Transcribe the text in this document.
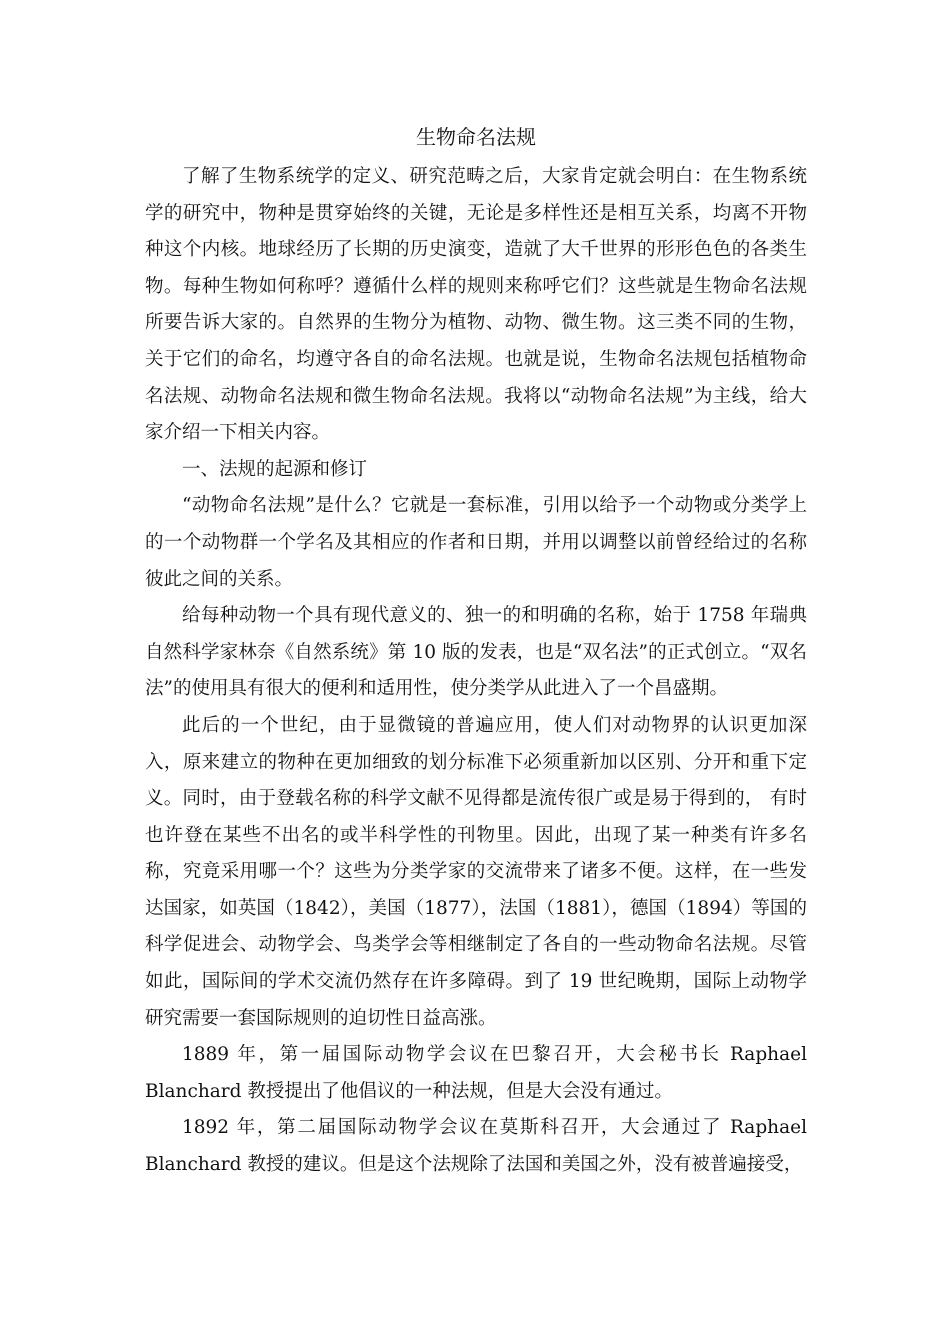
生物命名法规

了解了生物系统学的定义、研究范畴之后，大家肯定就会明白：在生物系统学的研究中，物种是贯穿始终的关键，无论是多样性还是相互关系，均离不开物种这个内核。地球经历了长期的历史演变，造就了大千世界的形形色色的各类生物。每种生物如何称呼？遵循什么样的规则来称呼它们？这些就是生物命名法规所要告诉大家的。自然界的生物分为植物、动物、微生物。这三类不同的生物，关于它们的命名，均遵守各自的命名法规。也就是说，生物命名法规包括植物命名法规、动物命名法规和微生物命名法规。我将以“动物命名法规”为主线，给大家介绍一下相关内容。

一、法规的起源和修订

“动物命名法规”是什么？它就是一套标准，引用以给予一个动物或分类学上的一个动物群一个学名及其相应的作者和日期，并用以调整以前曾经给过的名称彼此之间的关系。

给每种动物一个具有现代意义的、独一的和明确的名称，始于 1758 年瑞典自然科学家林奈《自然系统》第 10 版的发表，也是“双名法”的正式创立。“双名法”的使用具有很大的便利和适用性，使分类学从此进入了一个昌盛期。

此后的一个世纪，由于显微镜的普遍应用，使人们对动物界的认识更加深入，原来建立的物种在更加细致的划分标准下必须重新加以区别、分开和重下定义。同时，由于登载名称的科学文献不见得都是流传很广或是易于得到的， 有时也许登在某些不出名的或半科学性的刊物里。因此，出现了某一种类有许多名称，究竟采用哪一个？这些为分类学家的交流带来了诸多不便。这样，在一些发达国家，如英国（1842），美国（1877），法国（1881），德国（1894）等国的科学促进会、动物学会、鸟类学会等相继制定了各自的一些动物命名法规。尽管如此，国际间的学术交流仍然存在许多障碍。到了 19 世纪晚期，国际上动物学研究需要一套国际规则的迫切性日益高涨。

1889 年，第一届国际动物学会议在巴黎召开，大会秘书长 Raphael Blanchard 教授提出了他倡议的一种法规，但是大会没有通过。

1892 年，第二届国际动物学会议在莫斯科召开，大会通过了 Raphael Blanchard 教授的建议。但是这个法规除了法国和美国之外，没有被普遍接受，
